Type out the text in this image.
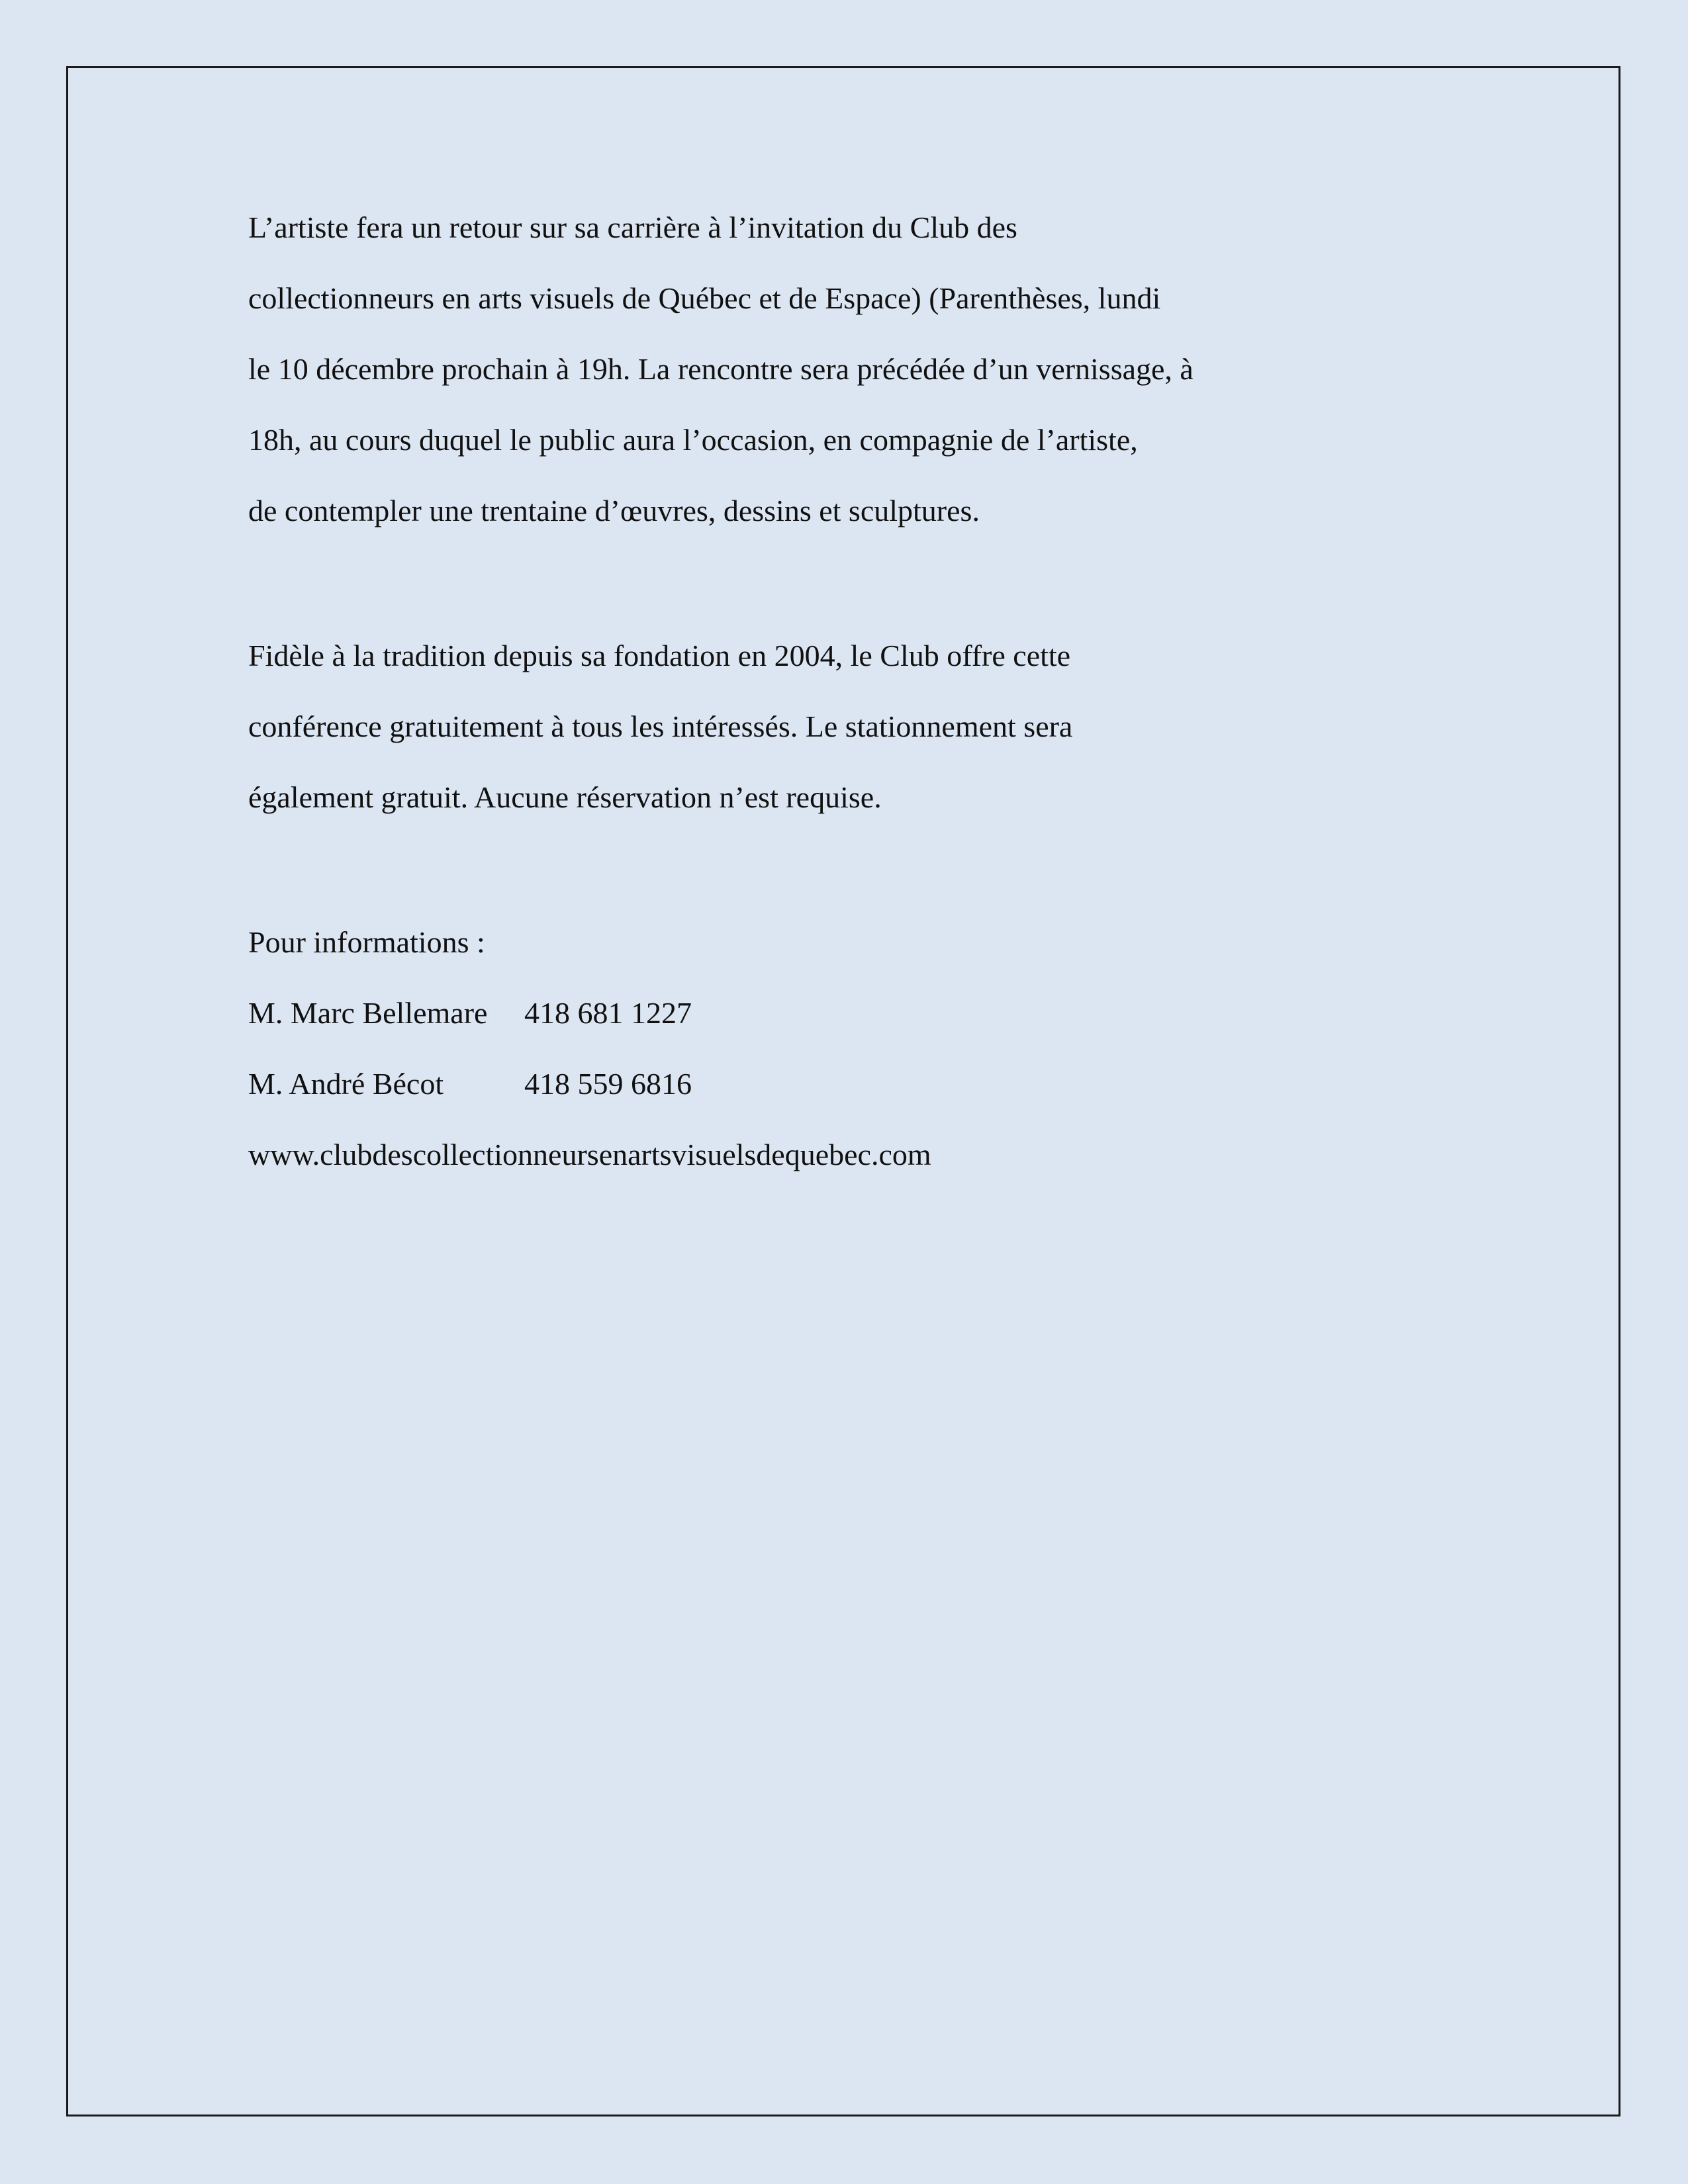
L’artiste fera un retour sur sa carrière à l’invitation du Club des
collectionneurs en arts visuels de Québec et de Espace) (Parenthèses, lundi
le 10 décembre prochain à 19h. La rencontre sera précédée d’un vernissage, à
18h, au cours duquel le public aura l’occasion, en compagnie de l’artiste,
de contempler une trentaine d’œuvres, dessins et sculptures.
Fidèle à la tradition depuis sa fondation en 2004, le Club offre cette
conférence gratuitement à tous les intéressés. Le stationnement sera
également gratuit. Aucune réservation n’est requise.
Pour informations :
M. Marc Bellemare 418 681 1227
M. André Bécot	418 559 6816
www.clubdescollectionneursenartsvisuelsdequebec.com
